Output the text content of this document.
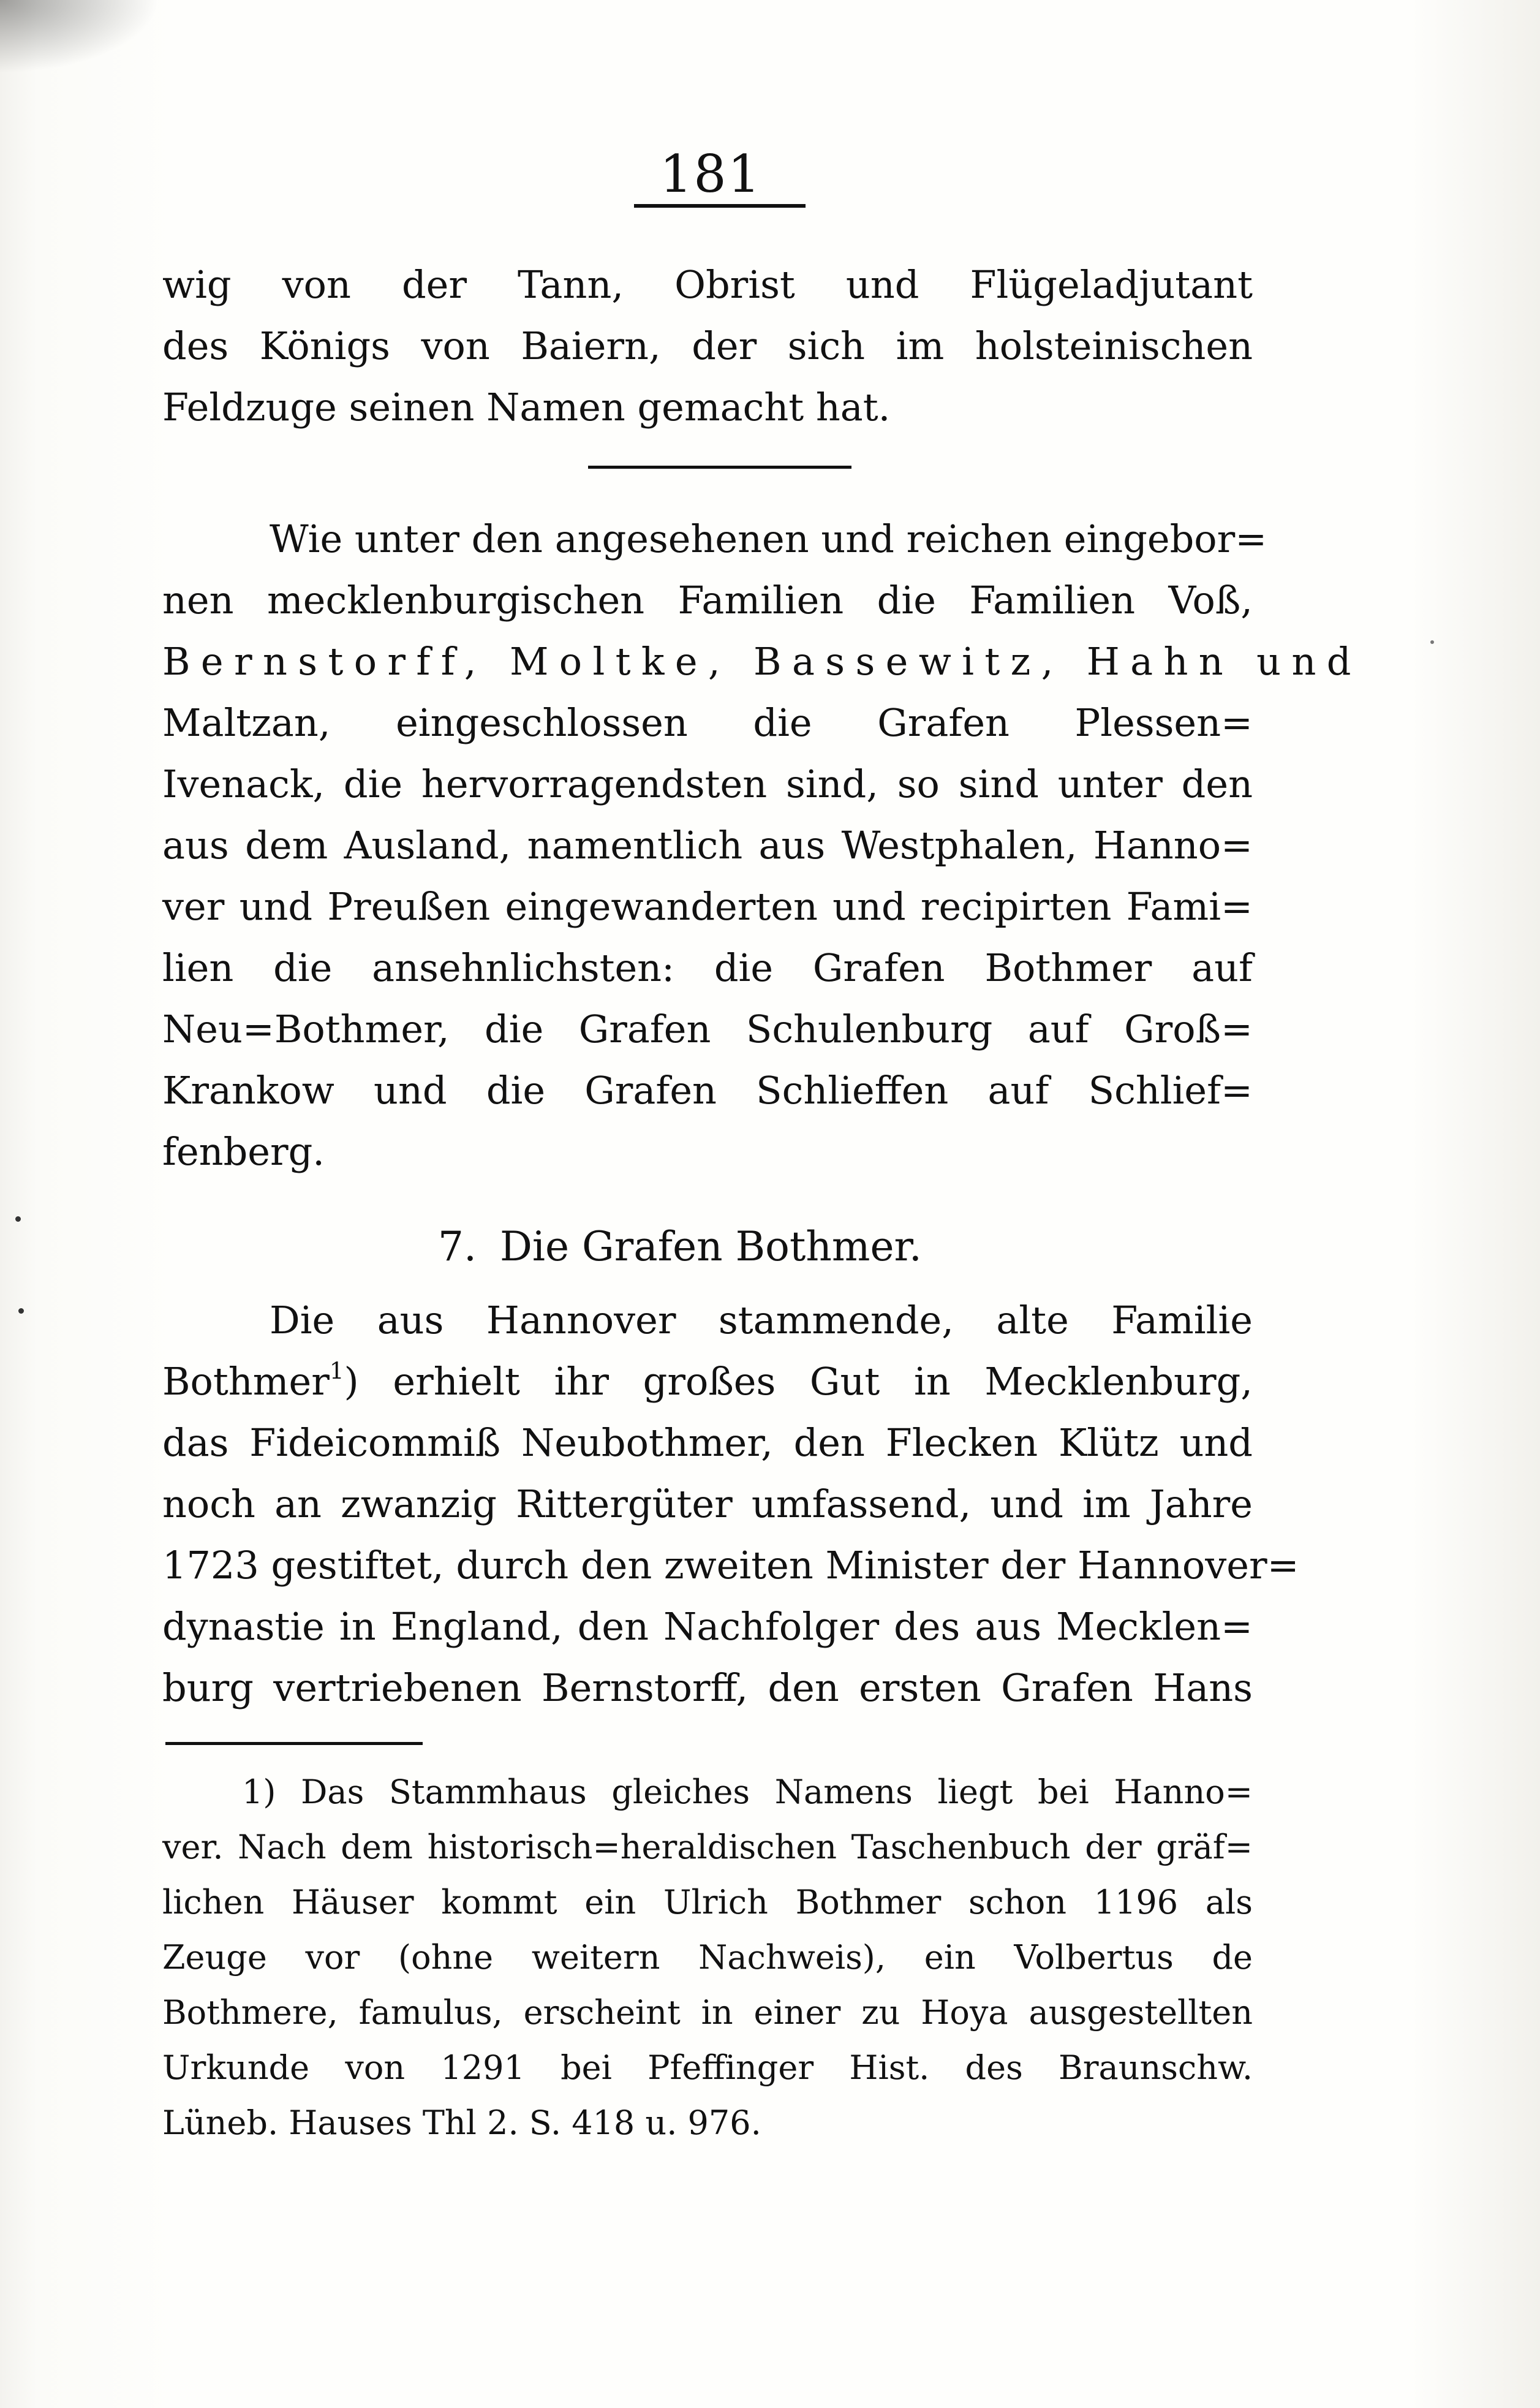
181
wig von der Tann, Obrist und Flügeladjutant
des Königs von Baiern, der sich im holsteinischen
Feldzuge seinen Namen gemacht hat.
Wie unter den angesehenen und reichen eingebor=
nen mecklenburgischen Familien die Familien Voß,
Bernstorff, Moltke, Bassewitz, Hahn und
Maltzan, eingeschlossen die Grafen Plessen=
Ivenack, die hervorragendsten sind, so sind unter den
aus dem Ausland, namentlich aus Westphalen, Hanno=
ver und Preußen eingewanderten und recipirten Fami=
lien die ansehnlichsten: die Grafen Bothmer auf
Neu=Bothmer, die Grafen Schulenburg auf Groß=
Krankow und die Grafen Schlieffen auf Schlief=
fenberg.
7. Die Grafen Bothmer.
Die aus Hannover stammende, alte Familie
Bothmer$^1$) erhielt ihr großes Gut in Mecklenburg,
das Fideicommiß Neubothmer, den Flecken Klütz und
noch an zwanzig Rittergüter umfassend, und im Jahre
1723 gestiftet, durch den zweiten Minister der Hannover=
dynastie in England, den Nachfolger des aus Mecklen=
burg vertriebenen Bernstorff, den ersten Grafen Hans
1) Das Stammhaus gleiches Namens liegt bei Hanno=
ver. Nach dem historisch=heraldischen Taschenbuch der gräf=
lichen Häuser kommt ein Ulrich Bothmer schon 1196 als
Zeuge vor (ohne weitern Nachweis), ein Volbertus de
Bothmere, famulus, erscheint in einer zu Hoya ausgestellten
Urkunde von 1291 bei Pfeffinger Hist. des Braunschw.
Lüneb. Hauses Thl 2. S. 418 u. 976.
